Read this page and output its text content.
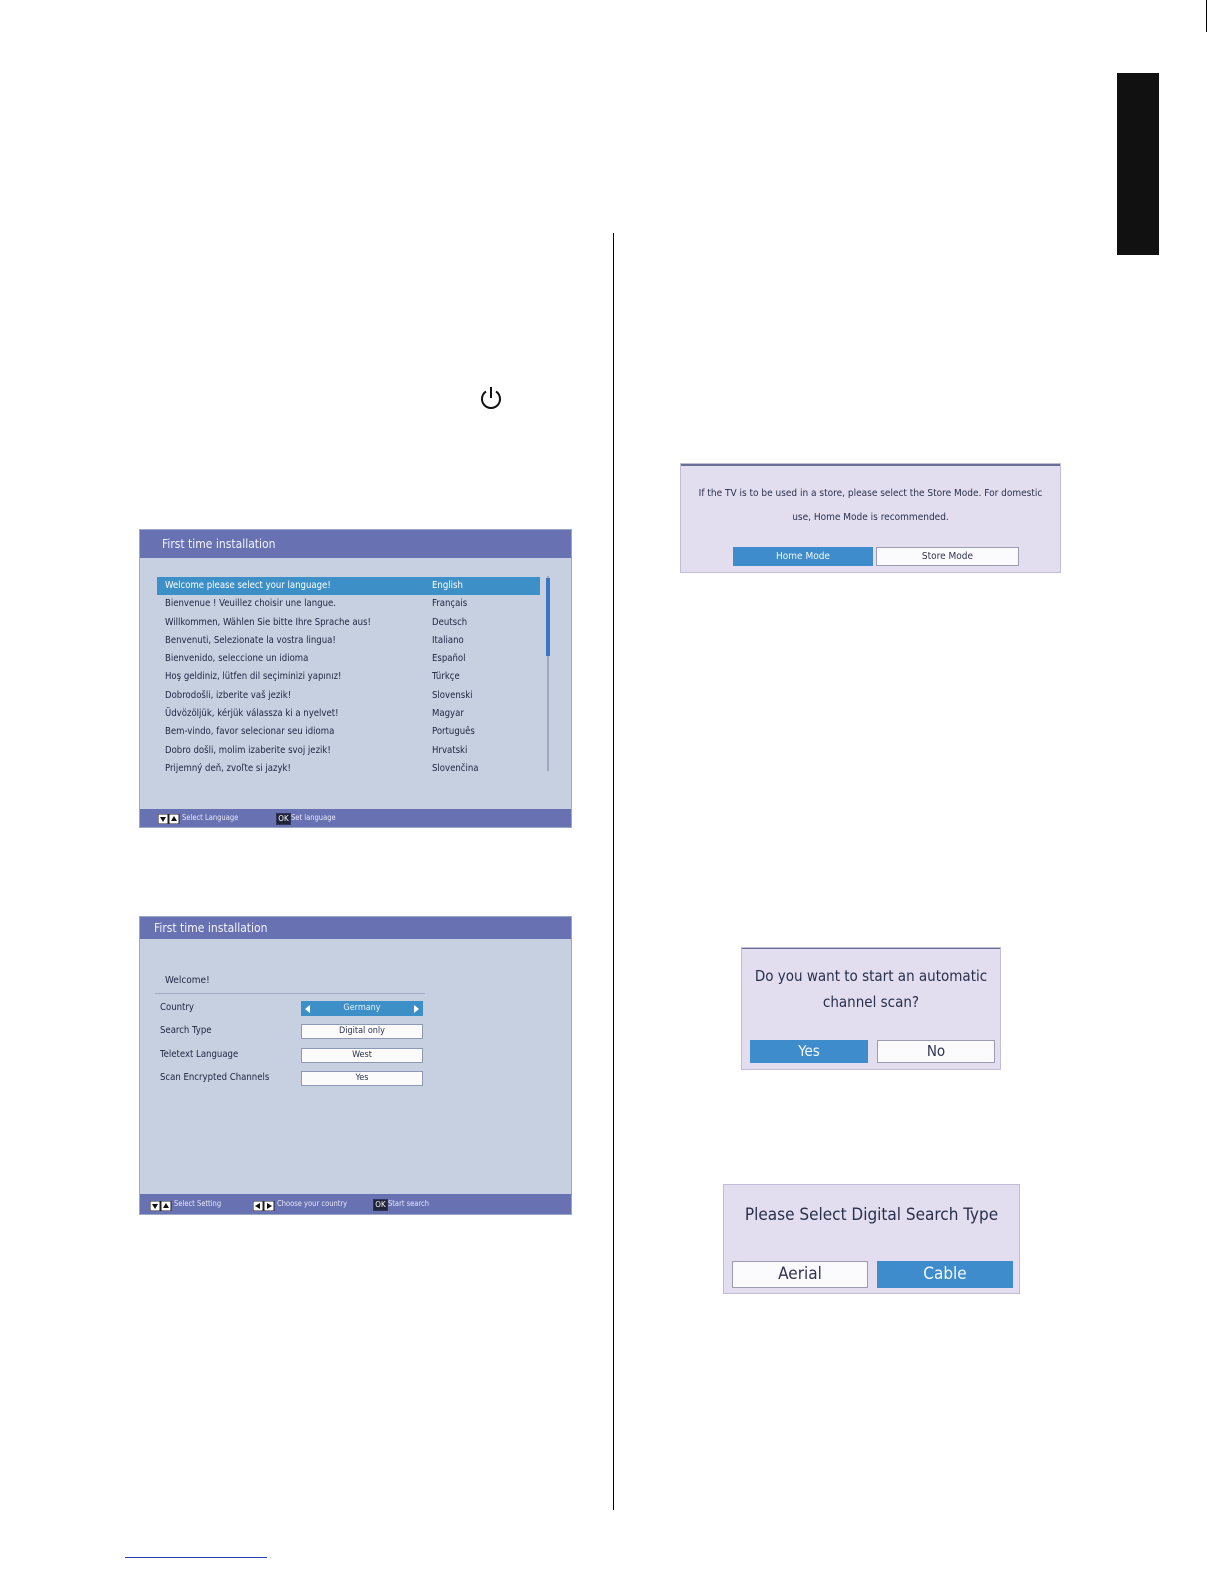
First time installation
Welcome please select your language!	English
Bienvenue ! Veuillez choisir une langue.	Français
Willkommen, Wählen Sie bitte Ihre Sprache aus!	Deutsch
Benvenuti, Selezionate la vostra lingua!	Italiano
Bienvenido, seleccione un idioma	Español
Hoş geldiniz, lütfen dil seçiminizi yapınız!	Türkçe
Dobrodošli, izberite vaš jezik!	Slovenski
Üdvözöljük, kérjük válassza ki a nyelvet!	Magyar
Bem-vindo, favor selecionar seu idioma	Português
Dobro došli, molim izaberite svoj jezik!	Hrvatski
Prijemný deň, zvoľte si jazyk!	Slovenčina
Select Language	OK Set language
First time installation
Welcome!
Country	Germany
Search Type	Digital only
Teletext Language	West
Scan Encrypted Channels	Yes
Select Setting	Choose your country	OK Start search
If the TV is to be used in a store, please select the Store Mode. For domestic use, Home Mode is recommended.
Home Mode	Store Mode
Do you want to start an automatic
channel scan?
Yes	No
Please Select Digital Search Type
Aerial	Cable
